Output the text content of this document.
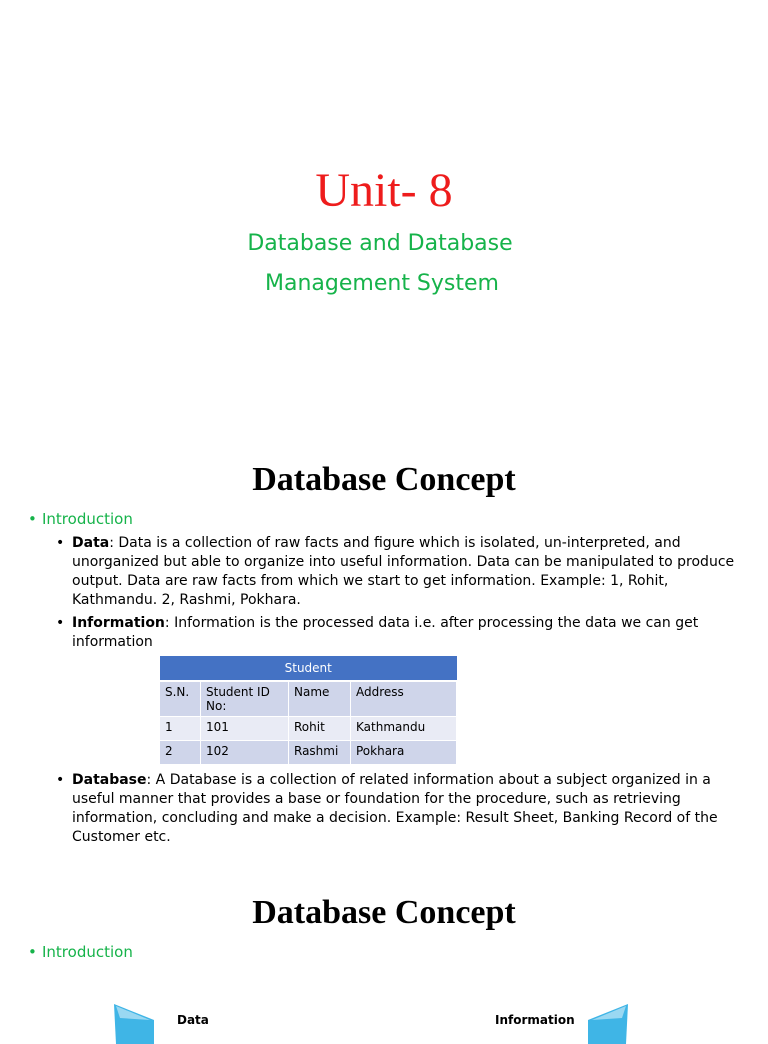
Unit- 8
Database and Database
Management System
Database Concept
• Introduction
• Data: Data is a collection of raw facts and figure which is isolated, un-interpreted, and unorganized but able to organize into useful information. Data can be manipulated to produce output. Data are raw facts from which we start to get information. Example: 1, Rohit, Kathmandu. 2, Rashmi, Pokhara.
• Information: Information is the processed data i.e. after processing the data we can get information
Student			
S.N.	Student ID No:	Name	Address
1	101	Rohit	Kathmandu
2	102	Rashmi	Pokhara
• Database: A Database is a collection of related information about a subject organized in a useful manner that provides a base or foundation for the procedure, such as retrieving information, concluding and make a decision. Example: Result Sheet, Banking Record of the Customer etc.
Database Concept
• Introduction
Data	Information
